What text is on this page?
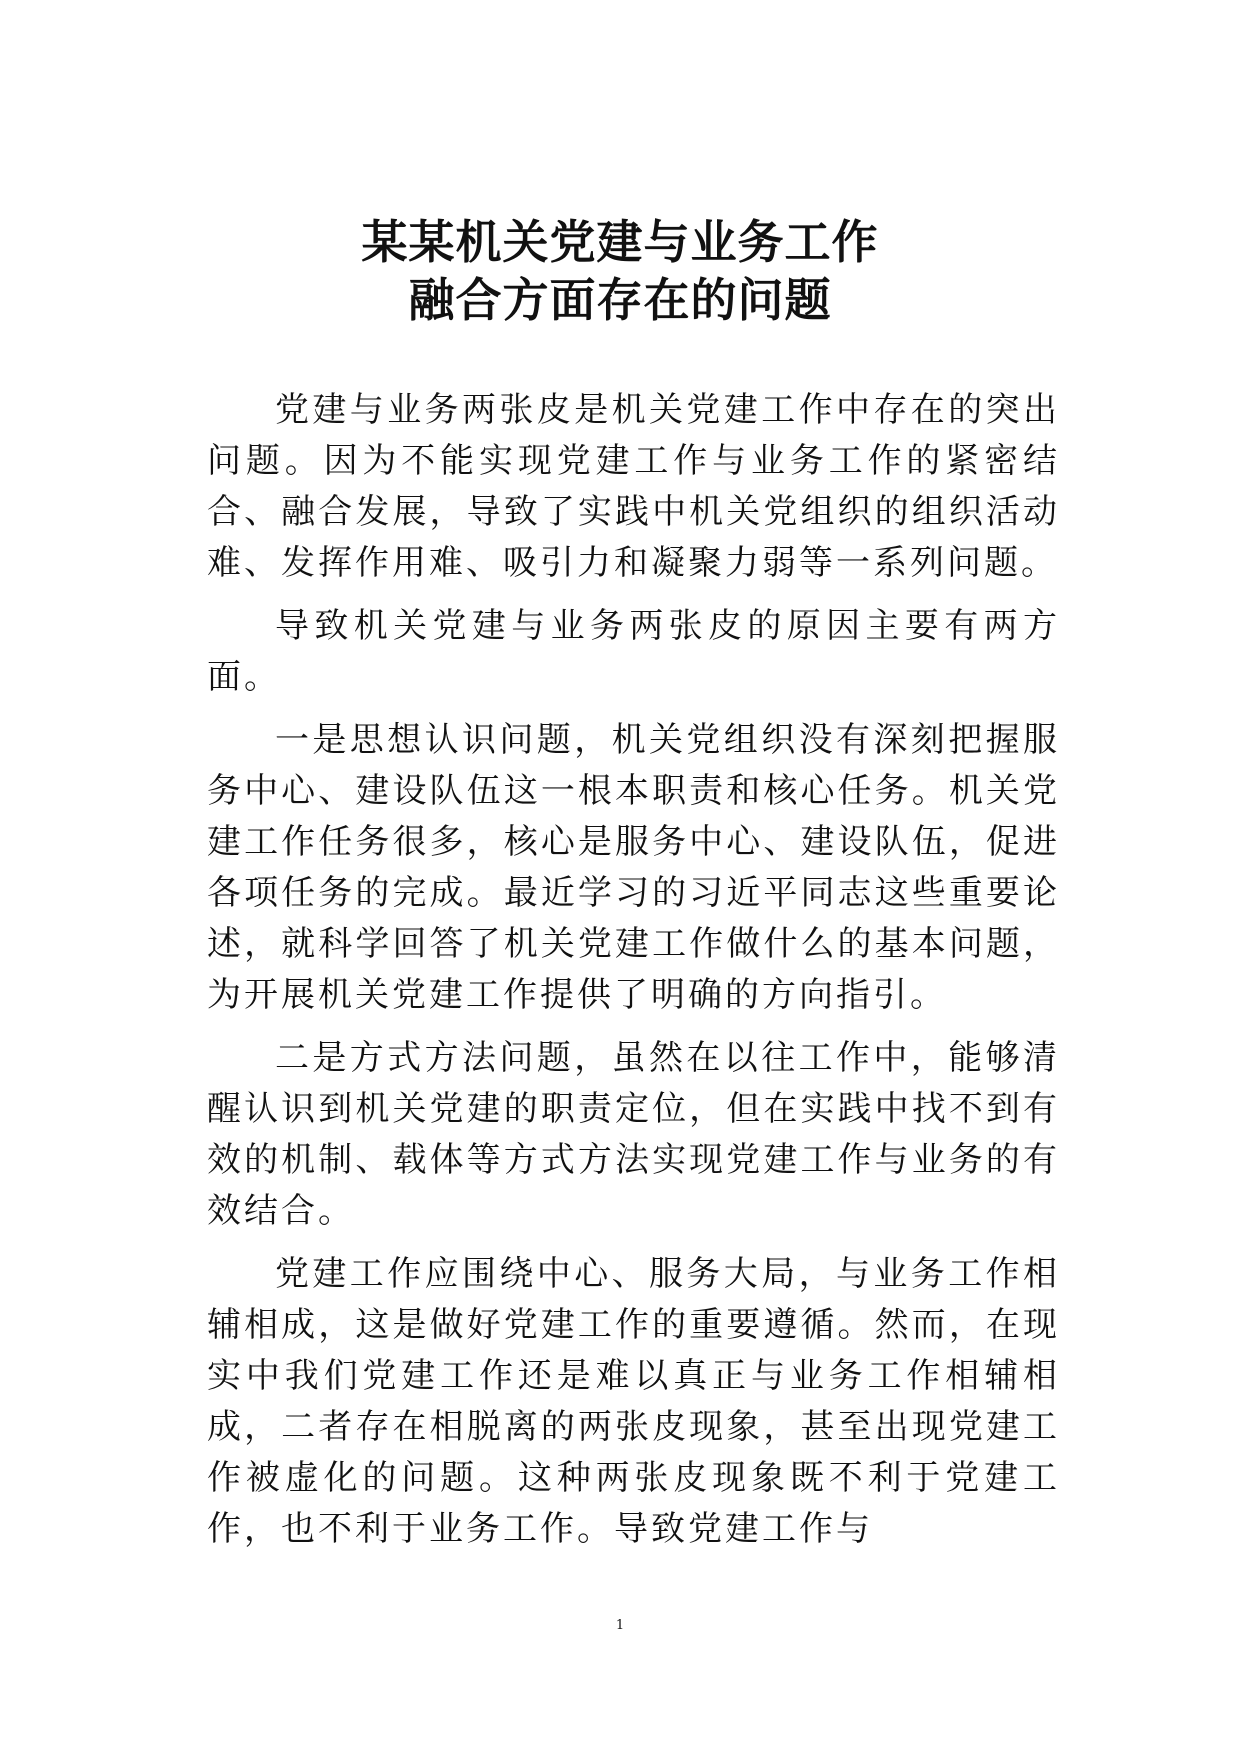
某某机关党建与业务工作
融合方面存在的问题

党建与业务两张皮是机关党建工作中存在的突出问题。因为不能实现党建工作与业务工作的紧密结合、融合发展，导致了实践中机关党组织的组织活动难、发挥作用难、吸引力和凝聚力弱等一系列问题。

导致机关党建与业务两张皮的原因主要有两方面。

一是思想认识问题，机关党组织没有深刻把握服务中心、建设队伍这一根本职责和核心任务。机关党建工作任务很多，核心是服务中心、建设队伍，促进各项任务的完成。最近学习的习近平同志这些重要论述，就科学回答了机关党建工作做什么的基本问题，为开展机关党建工作提供了明确的方向指引。

二是方式方法问题，虽然在以往工作中，能够清醒认识到机关党建的职责定位，但在实践中找不到有效的机制、载体等方式方法实现党建工作与业务的有效结合。

党建工作应围绕中心、服务大局，与业务工作相辅相成，这是做好党建工作的重要遵循。然而，在现实中我们党建工作还是难以真正与业务工作相辅相成，二者存在相脱离的两张皮现象，甚至出现党建工作被虚化的问题。这种两张皮现象既不利于党建工作，也不利于业务工作。导致党建工作与

1
